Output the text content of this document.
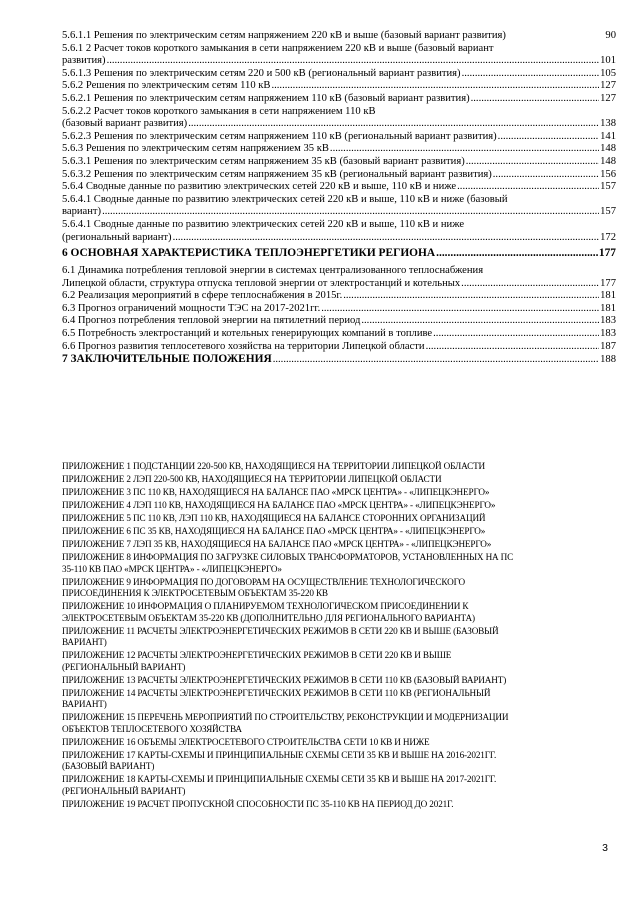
5.6.1.1 Решения по электрическим сетям напряжением 220 кВ и выше (базовый вариант развития)	90
5.6.1 2 Расчет токов короткого замыкания в сети напряжением 220 кВ и выше (базовый вариант
развития) .....	101
5.6.1.3 Решения по электрическим сетям 220 и 500 кВ (региональный вариант развития) .....	105
5.6.2 Решения по электрическим сетям 110 кВ .....	127
5.6.2.1 Решения по электрическим сетям напряжением 110 кВ (базовый вариант развития) .....	127
5.6.2.2 Расчет токов короткого замыкания в сети напряжением 110 кВ
(базовый вариант развития) .....	138
5.6.2.3 Решения по электрическим сетям напряжением 110 кВ (региональный вариант развития) .....	141
5.6.3 Решения по электрическим сетям напряжением 35 кВ .....	148
5.6.3.1 Решения по электрическим сетям напряжением 35 кВ (базовый вариант развития) .....	148
5.6.3.2 Решения по электрическим сетям напряжением 35 кВ (региональный вариант развития) .....	156
5.6.4 Сводные данные по развитию электрических сетей 220 кВ и выше, 110 кВ и ниже .....	157
5.6.4.1 Сводные данные по развитию электрических сетей 220 кВ и выше, 110 кВ и ниже (базовый
вариант) .....	157
5.6.4.1 Сводные данные по развитию электрических сетей 220 кВ и выше, 110 кВ и ниже
(региональный вариант) .....	172
6 ОСНОВНАЯ ХАРАКТЕРИСТИКА ТЕПЛОЭНЕРГЕТИКИ РЕГИОНА .....	177
6.1 Динамика потребления тепловой энергии в системах централизованного теплоснабжения
Липецкой области, структура отпуска тепловой энергии от электростанций и котельных .....	177
6.2 Реализация мероприятий в сфере теплоснабжения в 2015г. .....	181
6.3 Прогноз ограничений мощности ТЭС на 2017-2021гг. .....	181
6.4 Прогноз потребления тепловой энергии на пятилетний период .....	183
6.5 Потребность электростанций и котельных генерирующих компаний в топливе .....	183
6.6 Прогноз развития теплосетевого хозяйства на территории Липецкой области .....	187
7 ЗАКЛЮЧИТЕЛЬНЫЕ ПОЛОЖЕНИЯ .....	188
ПРИЛОЖЕНИЕ 1 ПОДСТАНЦИИ 220-500 КВ, НАХОДЯЩИЕСЯ НА ТЕРРИТОРИИ ЛИПЕЦКОЙ ОБЛАСТИ
ПРИЛОЖЕНИЕ 2 ЛЭП 220-500 КВ, НАХОДЯЩИЕСЯ НА ТЕРРИТОРИИ ЛИПЕЦКОЙ ОБЛАСТИ
ПРИЛОЖЕНИЕ 3 ПС 110 КВ, НАХОДЯЩИЕСЯ НА БАЛАНСЕ ПАО «МРСК ЦЕНТРА» - «ЛИПЕЦКЭНЕРГО»
ПРИЛОЖЕНИЕ 4 ЛЭП 110 КВ, НАХОДЯЩИЕСЯ НА БАЛАНСЕ ПАО «МРСК ЦЕНТРА» - «ЛИПЕЦКЭНЕРГО»
ПРИЛОЖЕНИЕ 5 ПС 110 КВ, ЛЭП 110 КВ, НАХОДЯЩИЕСЯ НА БАЛАНСЕ СТОРОННИХ ОРГАНИЗАЦИЙ
ПРИЛОЖЕНИЕ 6 ПС 35 КВ, НАХОДЯЩИЕСЯ НА БАЛАНСЕ ПАО «МРСК ЦЕНТРА» - «ЛИПЕЦКЭНЕРГО»
ПРИЛОЖЕНИЕ 7 ЛЭП 35 КВ, НАХОДЯЩИЕСЯ НА БАЛАНСЕ ПАО «МРСК ЦЕНТРА» - «ЛИПЕЦКЭНЕРГО»
ПРИЛОЖЕНИЕ 8 ИНФОРМАЦИЯ ПО ЗАГРУЗКЕ СИЛОВЫХ ТРАНСФОРМАТОРОВ, УСТАНОВЛЕННЫХ НА ПС
35-110 КВ ПАО «МРСК ЦЕНТРА» - «ЛИПЕЦКЭНЕРГО»
ПРИЛОЖЕНИЕ 9 ИНФОРМАЦИЯ ПО ДОГОВОРАМ НА ОСУЩЕСТВЛЕНИЕ ТЕХНОЛОГИЧЕСКОГО
ПРИСОЕДИНЕНИЯ К ЭЛЕКТРОСЕТЕВЫМ ОБЪЕКТАМ 35-220 КВ
ПРИЛОЖЕНИЕ 10 ИНФОРМАЦИЯ О ПЛАНИРУЕМОМ ТЕХНОЛОГИЧЕСКОМ ПРИСОЕДИНЕНИИ К
ЭЛЕКТРОСЕТЕВЫМ ОБЪЕКТАМ 35-220 КВ (ДОПОЛНИТЕЛЬНО ДЛЯ РЕГИОНАЛЬНОГО ВАРИАНТА)
ПРИЛОЖЕНИЕ 11 РАСЧЕТЫ ЭЛЕКТРОЭНЕРГЕТИЧЕСКИХ РЕЖИМОВ В СЕТИ 220 КВ И ВЫШЕ (БАЗОВЫЙ
ВАРИАНТ)
ПРИЛОЖЕНИЕ 12 РАСЧЕТЫ ЭЛЕКТРОЭНЕРГЕТИЧЕСКИХ РЕЖИМОВ В СЕТИ 220 КВ И ВЫШЕ
(РЕГИОНАЛЬНЫЙ ВАРИАНТ)
ПРИЛОЖЕНИЕ 13 РАСЧЕТЫ ЭЛЕКТРОЭНЕРГЕТИЧЕСКИХ РЕЖИМОВ В СЕТИ 110 КВ (БАЗОВЫЙ ВАРИАНТ)
ПРИЛОЖЕНИЕ 14 РАСЧЕТЫ ЭЛЕКТРОЭНЕРГЕТИЧЕСКИХ РЕЖИМОВ В СЕТИ 110 КВ (РЕГИОНАЛЬНЫЙ
ВАРИАНТ)
ПРИЛОЖЕНИЕ 15 ПЕРЕЧЕНЬ МЕРОПРИЯТИЙ ПО СТРОИТЕЛЬСТВУ, РЕКОНСТРУКЦИИ И МОДЕРНИЗАЦИИ
ОБЪЕКТОВ ТЕПЛОСЕТЕВОГО ХОЗЯЙСТВА
ПРИЛОЖЕНИЕ 16 ОБЪЕМЫ ЭЛЕКТРОСЕТЕВОГО СТРОИТЕЛЬСТВА СЕТИ 10 КВ И НИЖЕ
ПРИЛОЖЕНИЕ 17 КАРТЫ-СХЕМЫ И ПРИНЦИПИАЛЬНЫЕ СХЕМЫ СЕТИ 35 КВ И ВЫШЕ НА 2016-2021ГГ.
(БАЗОВЫЙ ВАРИАНТ)
ПРИЛОЖЕНИЕ 18 КАРТЫ-СХЕМЫ И ПРИНЦИПИАЛЬНЫЕ СХЕМЫ СЕТИ 35 КВ И ВЫШЕ НА 2017-2021ГГ.
(РЕГИОНАЛЬНЫЙ ВАРИАНТ)
ПРИЛОЖЕНИЕ 19 РАСЧЕТ ПРОПУСКНОЙ СПОСОБНОСТИ ПС 35-110 КВ НА ПЕРИОД ДО 2021Г.
3
